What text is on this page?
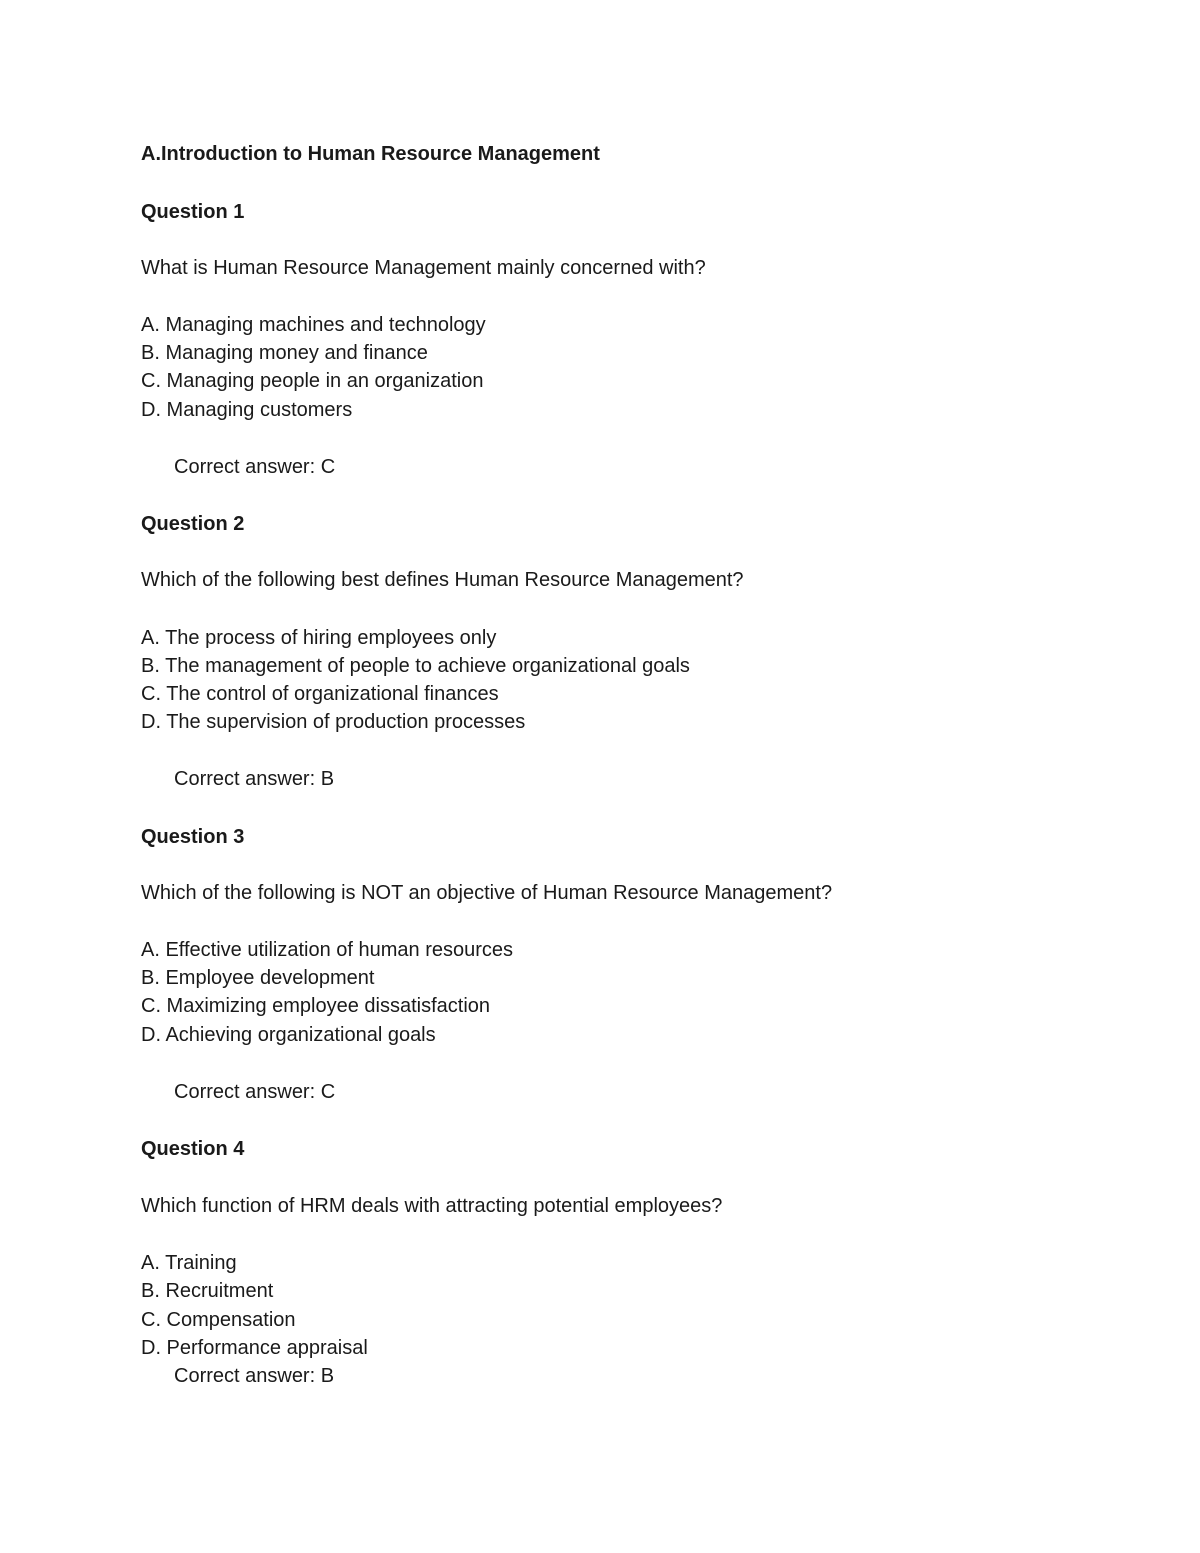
A.Introduction to Human Resource Management
Question 1
What is Human Resource Management mainly concerned with?
A. Managing machines and technology
B. Managing money and finance
C. Managing people in an organization
D. Managing customers
Correct answer: C
Question 2
Which of the following best defines Human Resource Management?
A. The process of hiring employees only
B. The management of people to achieve organizational goals
C. The control of organizational finances
D. The supervision of production processes
Correct answer: B
Question 3
Which of the following is NOT an objective of Human Resource Management?
A. Effective utilization of human resources
B. Employee development
C. Maximizing employee dissatisfaction
D. Achieving organizational goals
Correct answer: C
Question 4
Which function of HRM deals with attracting potential employees?
A. Training
B. Recruitment
C. Compensation
D. Performance appraisal
Correct answer: B
